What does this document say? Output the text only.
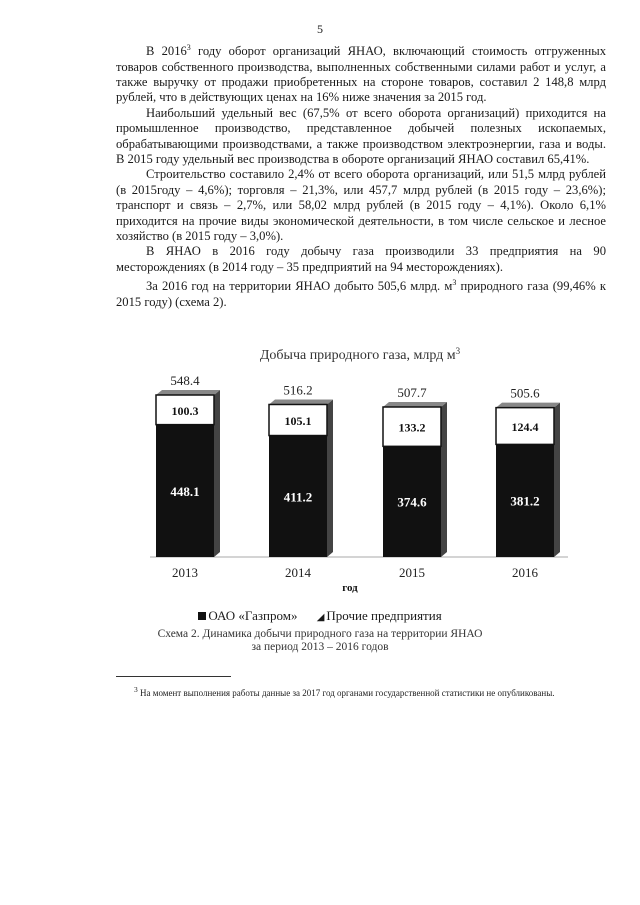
5

В 2016$^3$ году оборот организаций ЯНАО, включающий стоимость отгруженных товаров собственного производства, выполненных собственными силами работ и услуг, а также выручку от продажи приобретенных на стороне товаров, составил 2 148,8 млрд рублей, что в действующих ценах на 16% ниже значения за 2015 год.

Наибольший удельный вес (67,5% от всего оборота организаций) приходится на промышленное производство, представленное добычей полезных ископаемых, обрабатывающими производствами, а также производством электроэнергии, газа и воды. В 2015 году удельный вес производства в обороте организаций ЯНАО составил 65,41%.

Строительство составило 2,4% от всего оборота организаций, или 51,5 млрд рублей (в 2015году – 4,6%); торговля – 21,3%, или 457,7 млрд рублей (в 2015 году – 23,6%); транспорт и связь – 2,7%, или 58,02 млрд рублей (в 2015 году – 4,1%). Около 6,1% приходится на прочие виды экономической деятельности, в том числе сельское и лесное хозяйство (в 2015 году – 3,0%).

В ЯНАО в 2016 году добычу газа производили 33 предприятия на 90 месторождениях (в 2014 году – 35 предприятий на 94 месторождениях).

За 2016 год на территории ЯНАО добыто 505,6 млрд. $м^3$ природного газа (99,46% к 2015 году) (схема 2).

Добыча природного газа, млрд $м^3$
448.1
100.3
548.4
2013
411.2
105.1
516.2
2014
374.6
133.2
507.7
2015
381.2
124.4
505.6
2016
год
ОАО «Газпром» ◢ Прочие предприятия
Схема 2. Динамика добычи природного газа на территории ЯНАО
за период 2013 – 2016 годов
$^3$ На момент выполнения работы данные за 2017 год органами государственной статистики не опубликованы.
